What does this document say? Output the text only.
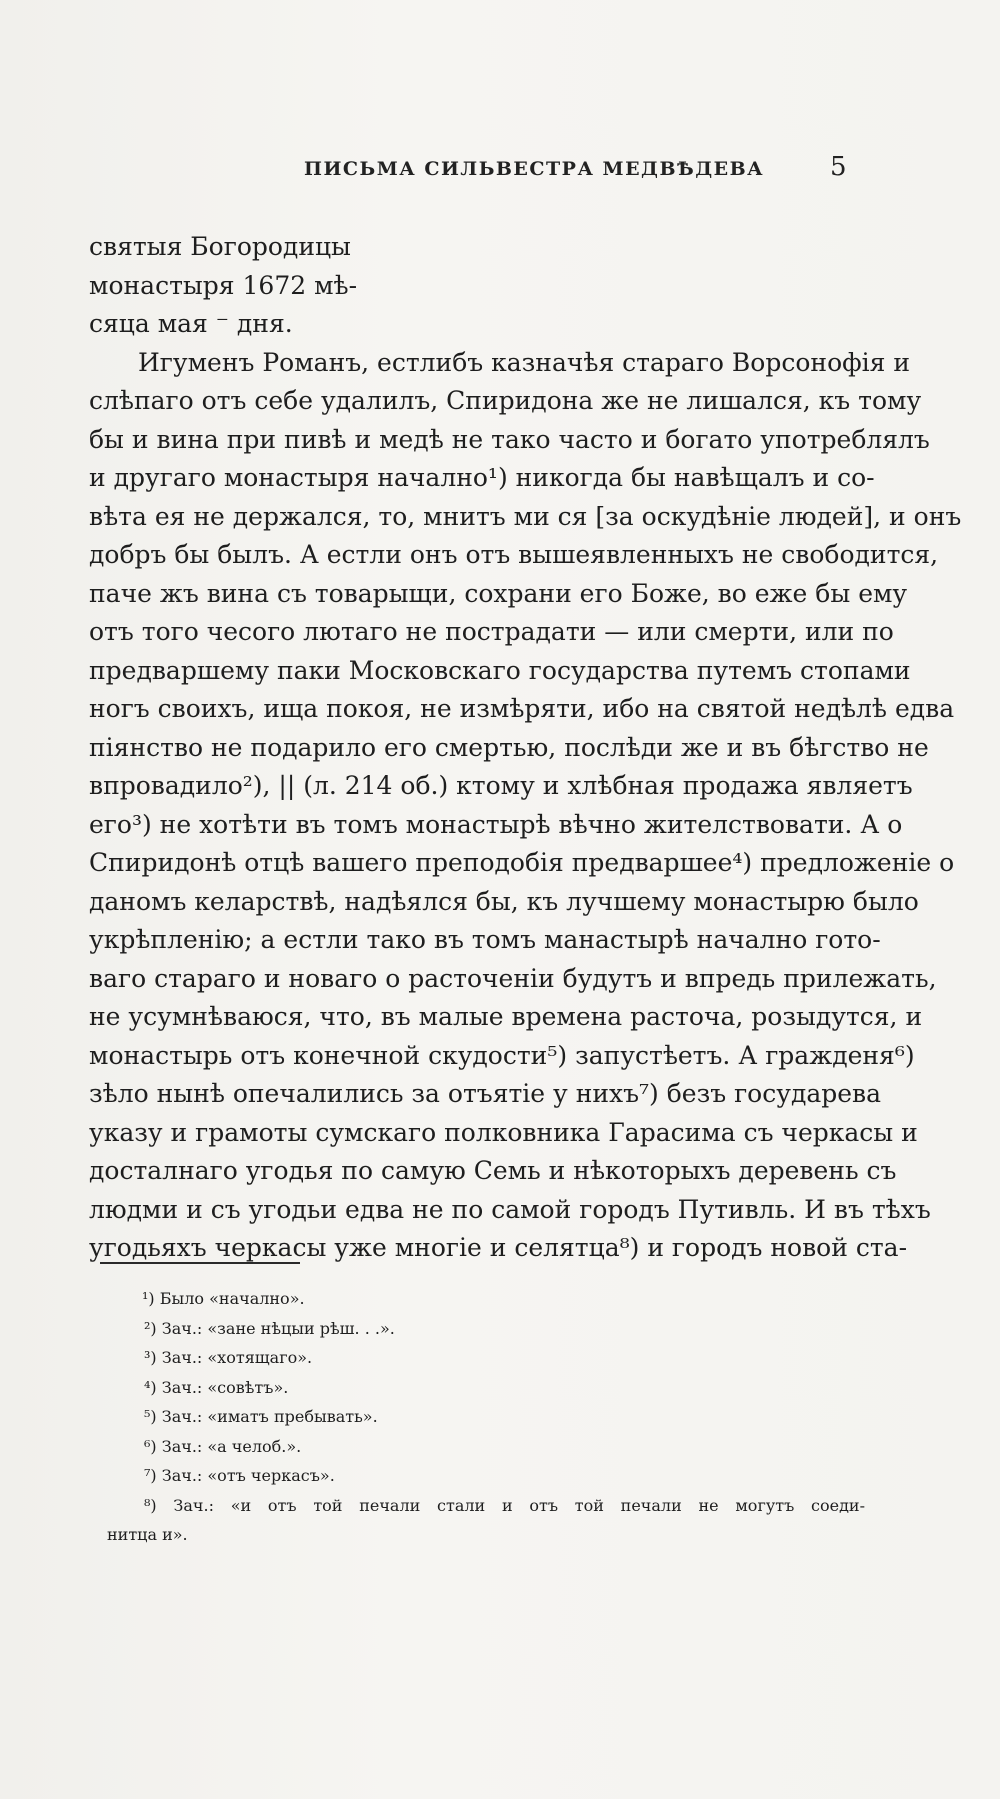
ПИСЬМА СИЛЬВЕСТРА МЕДВѢДЕВА	5
святыя Богородицы
монастыря 1672 мѣ-
сяца мая ⁻ дня.
Игуменъ Романъ, естлибъ казначѣя стараго Ворсонофія и
слѣпаго отъ себе удалилъ, Спиридона же не лишался, къ тому
бы и вина при пивѣ и медѣ не тако часто и богато употреблялъ
и другаго монастыря начално¹) никогда бы навѣщалъ и со-
вѣта ея не держался, то, мнитъ ми ся [за оскудѣніе людей], и онъ
добръ бы былъ. А естли онъ отъ вышеявленныхъ не свободится,
паче жъ вина съ товарыщи, сохрани его Боже, во еже бы ему
отъ того чесого лютаго не пострадати — или смерти, или по
предваршему паки Московскаго государства путемъ стопами
ногъ своихъ, ища покоя, не измѣряти, ибо на святой недѣлѣ едва
піянство не подарило его смертью, послѣди же и въ бѣгство не
впровадило²), || (л. 214 об.) ктому и хлѣбная продажа являетъ
его³) не хотѣти въ томъ монастырѣ вѣчно жителствовати. А о
Спиридонѣ отцѣ вашего преподобія предваршее⁴) предложеніе о
даномъ келарствѣ, надѣялся бы, къ лучшему монастырю было
укрѣпленію; а естли тако въ томъ манастырѣ начално гото-
ваго стараго и новаго о расточеніи будутъ и впредь прилежать,
не усумнѣваюся, что, въ малые времена расточа, розыдутся, и
монастырь отъ конечной скудости⁵) запустѣетъ. А гражденя⁶)
зѣло нынѣ опечалились за отъятіе у нихъ⁷) безъ государева
указу и грамоты сумскаго полковника Гарасима съ черкасы и
досталнаго угодья по самую Семь и нѣкоторыхъ деревень съ
людми и съ угодьи едва не по самой городъ Путивль. И въ тѣхъ
угодьяхъ черкасы уже многіе и селятца⁸) и городъ новой ста-
¹) Было «начално».
²) Зач.: «зане нѣцыи рѣш. . .».
³) Зач.: «хотящаго».
⁴) Зач.: «совѣтъ».
⁵) Зач.: «иматъ пребывать».
⁶) Зач.: «а челоб.».
⁷) Зач.: «отъ черкасъ».
⁸) Зач.: «и отъ той печали стали и отъ той печали не могутъ соеди-
нитца и».
